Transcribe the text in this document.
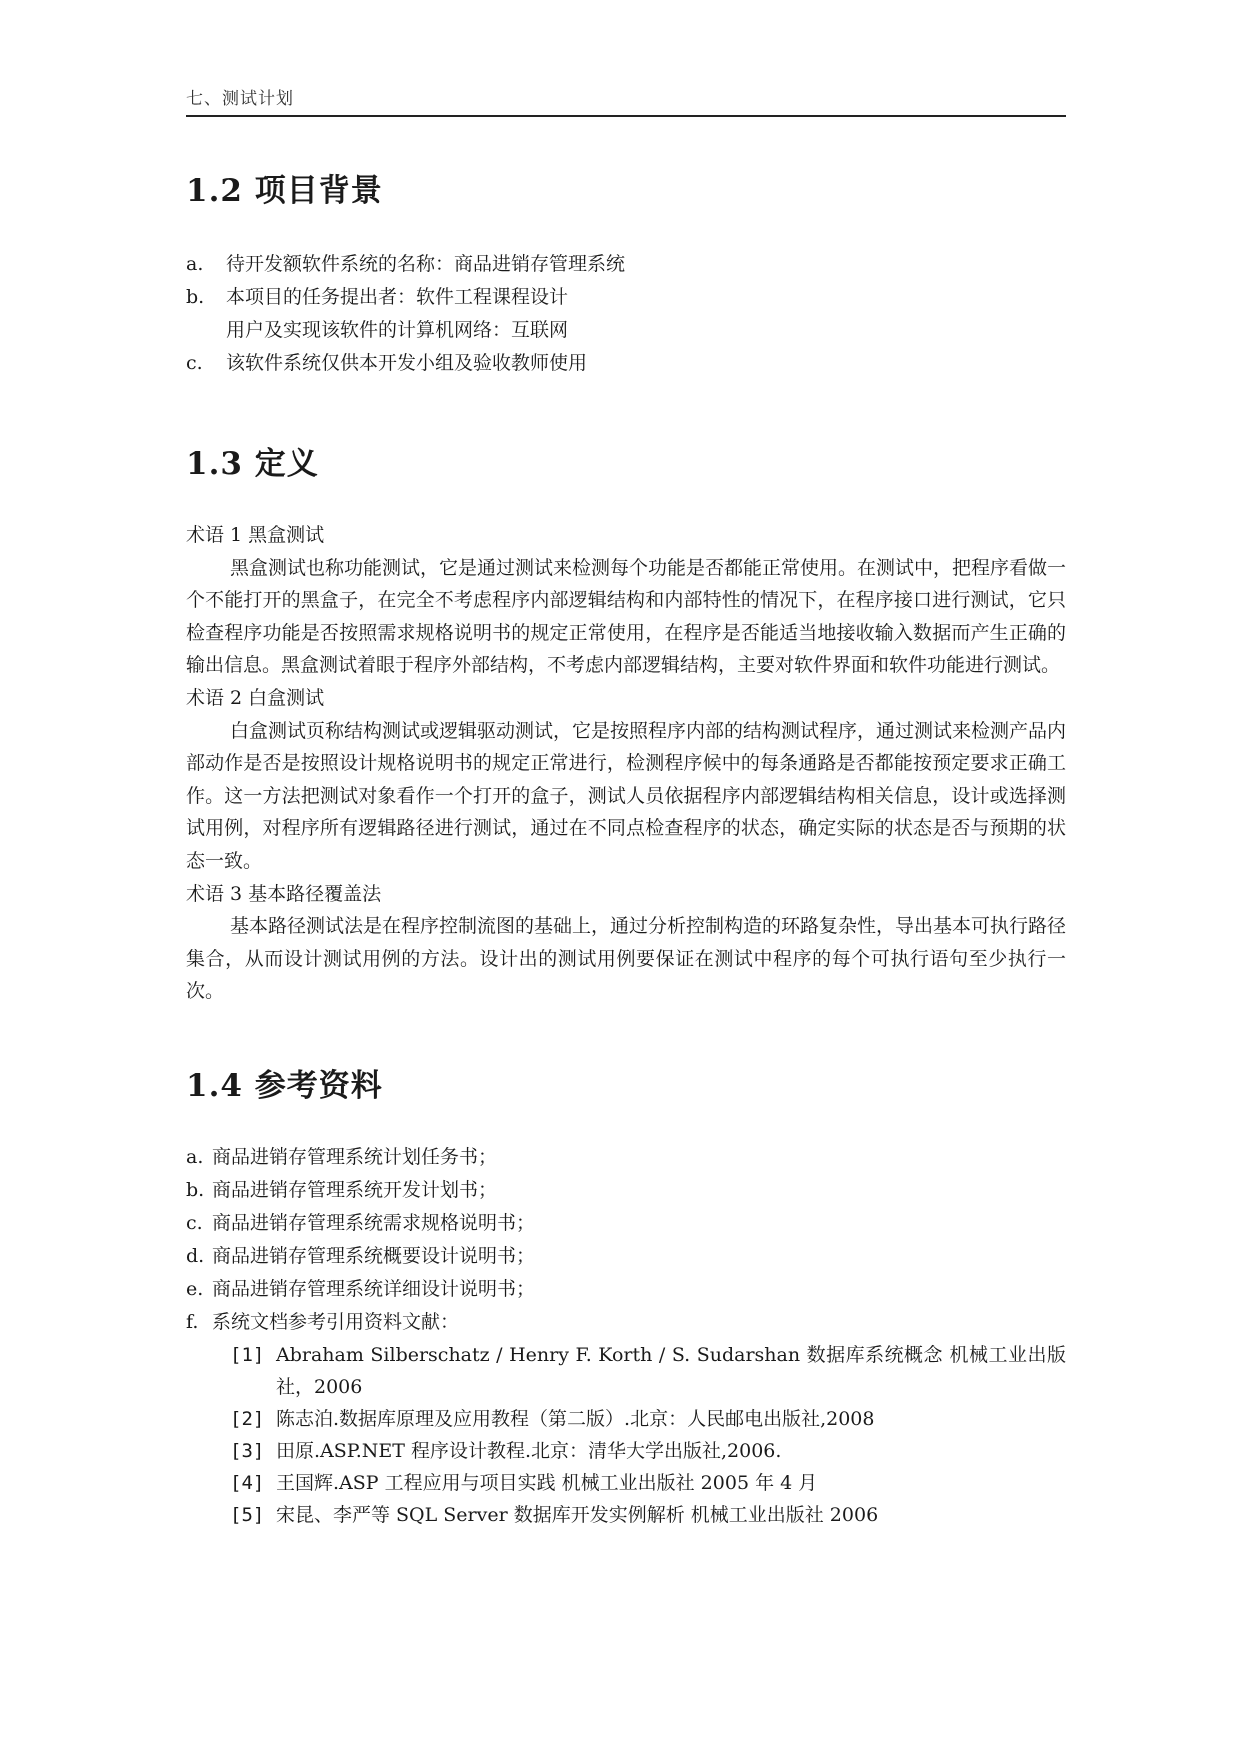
七、测试计划
1.2 项目背景
a.	待开发额软件系统的名称：商品进销存管理系统
b.	本项目的任务提出者：软件工程课程设计
用户及实现该软件的计算机网络：互联网
c.	该软件系统仅供本开发小组及验收教师使用
1.3 定义
术语 1 黑盒测试
黑盒测试也称功能测试，它是通过测试来检测每个功能是否都能正常使用。在测试中，把程序看做一个不能打开的黑盒子，在完全不考虑程序内部逻辑结构和内部特性的情况下，在程序接口进行测试，它只检查程序功能是否按照需求规格说明书的规定正常使用，在程序是否能适当地接收输入数据而产生正确的输出信息。黑盒测试着眼于程序外部结构，不考虑内部逻辑结构，主要对软件界面和软件功能进行测试。
术语 2 白盒测试
白盒测试页称结构测试或逻辑驱动测试，它是按照程序内部的结构测试程序，通过测试来检测产品内部动作是否是按照设计规格说明书的规定正常进行，检测程序候中的每条通路是否都能按预定要求正确工作。这一方法把测试对象看作一个打开的盒子，测试人员依据程序内部逻辑结构相关信息，设计或选择测试用例，对程序所有逻辑路径进行测试，通过在不同点检查程序的状态，确定实际的状态是否与预期的状态一致。
术语 3 基本路径覆盖法
基本路径测试法是在程序控制流图的基础上，通过分析控制构造的环路复杂性，导出基本可执行路径集合，从而设计测试用例的方法。设计出的测试用例要保证在测试中程序的每个可执行语句至少执行一次。
1.4 参考资料
a. 商品进销存管理系统计划任务书；
b. 商品进销存管理系统开发计划书；
c. 商品进销存管理系统需求规格说明书；
d. 商品进销存管理系统概要设计说明书；
e. 商品进销存管理系统详细设计说明书；
f. 系统文档参考引用资料文献：
[1] Abraham Silberschatz / Henry F. Korth / S. Sudarshan 数据库系统概念 机械工业出版社，2006
[2] 陈志泊.数据库原理及应用教程（第二版）.北京：人民邮电出版社,2008
[3] 田原.ASP.NET 程序设计教程.北京：清华大学出版社,2006.
[4] 王国辉.ASP 工程应用与项目实践 机械工业出版社 2005 年 4 月
[5] 宋昆、李严等 SQL Server 数据库开发实例解析 机械工业出版社 2006
